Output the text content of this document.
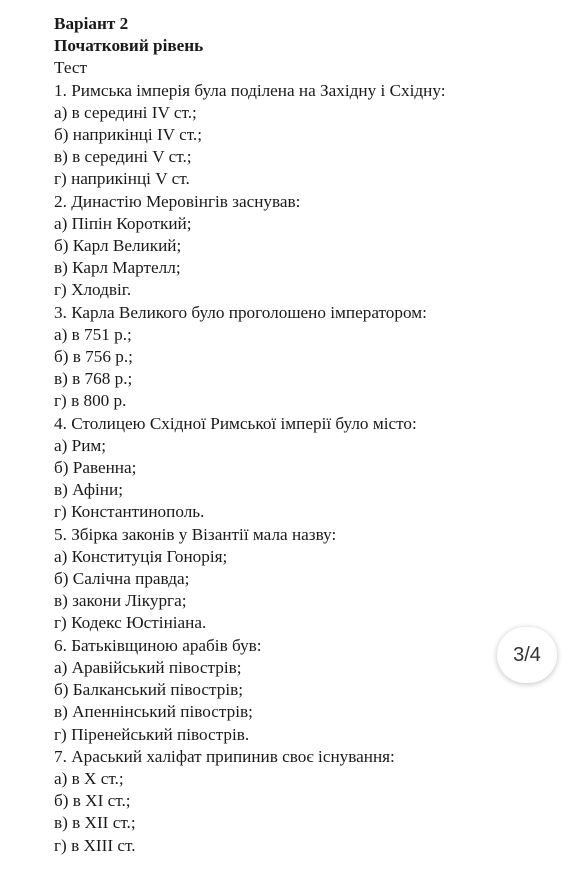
Варіант 2
Початковий рівень
Тест
1. Римська імперія була поділена на Західну і Східну:
а) в середині IV ст.;
б) наприкінці IV ст.;
в) в середині V ст.;
г) наприкінці V ст.
2. Династію Меровінгів заснував:
а) Піпін Короткий;
б) Карл Великий;
в) Карл Мартелл;
г) Хлодвіг.
3. Карла Великого було проголошено імператором:
а) в 751 р.;
б) в 756 р.;
в) в 768 р.;
г) в 800 р.
4. Столицею Східної Римської імперії було місто:
а) Рим;
б) Равенна;
в) Афіни;
г) Константинополь.
5. Збірка законів у Візантії мала назву:
а) Конституція Гонорія;
б) Салічна правда;
в) закони Лікурга;
г) Кодекс Юстініана.
6. Батьківщиною арабів був:
а) Аравійський півострів;
б) Балканський півострів;
в) Апеннінський півострів;
г) Піренейський півострів.
7. Араський халіфат припинив своє існування:
а) в X ст.;
б) в XI ст.;
в) в XII ст.;
г) в XIII ст.
3/4
